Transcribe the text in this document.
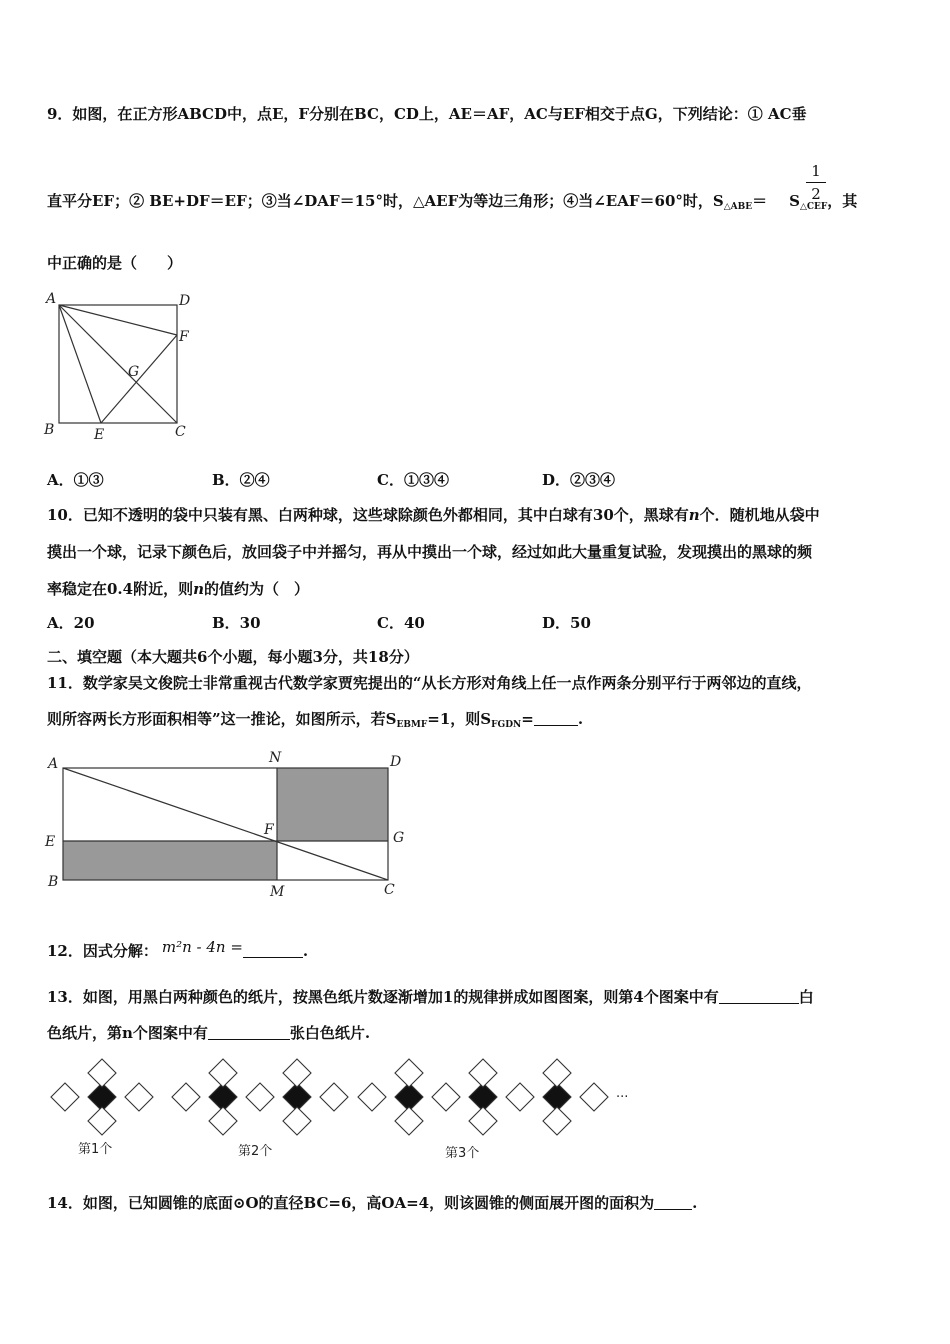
9．如图，在正方形ABCD中，点E，F分别在BC，CD上，AE＝AF，AC与EF相交于点G，下列结论：① AC垂
1
2
直平分EF；② BE+DF＝EF；③当∠DAF＝15°时，△AEF为等边三角形；④当∠EAF＝60°时，$S_{\triangle ABE}= S_{\triangle CEF}$，其
中正确的是（　　）
A	D
F
G
B	E	C
A．①③	B．②④	C．①③④	D．②③④
10．已知不透明的袋中只装有黑、白两种球，这些球除颜色外都相同，其中白球有30个，黑球有n个．随机地从袋中
摸出一个球，记录下颜色后，放回袋子中并摇匀，再从中摸出一个球，经过如此大量重复试验，发现摸出的黑球的频
率稳定在0.4附近，则n的值约为（　）
A．20	B．30	C．40	D．50
二、填空题（本大题共6个小题，每小题3分，共18分）
11．数学家吴文俊院士非常重视古代数学家贾宪提出的“从长方形对角线上任一点作两条分别平行于两邻边的直线，
则所容两长方形面积相等”这一推论，如图所示，若$S_{EBMF}=1$，则$S_{FGDN}=$	.
A	N	D
E
F	G
B
M	C
12．因式分解： m²n - 4n =	.
13．如图，用黑白两种颜色的纸片，按黑色纸片数逐渐增加1的规律拼成如图图案，则第4个图案中有	白
色纸片，第n个图案中有	张白色纸片.
第1个	第2个	第3个
...
14．如图，已知圆锥的底面⊙O的直径BC=6，高OA=4，则该圆锥的侧面展开图的面积为	.
